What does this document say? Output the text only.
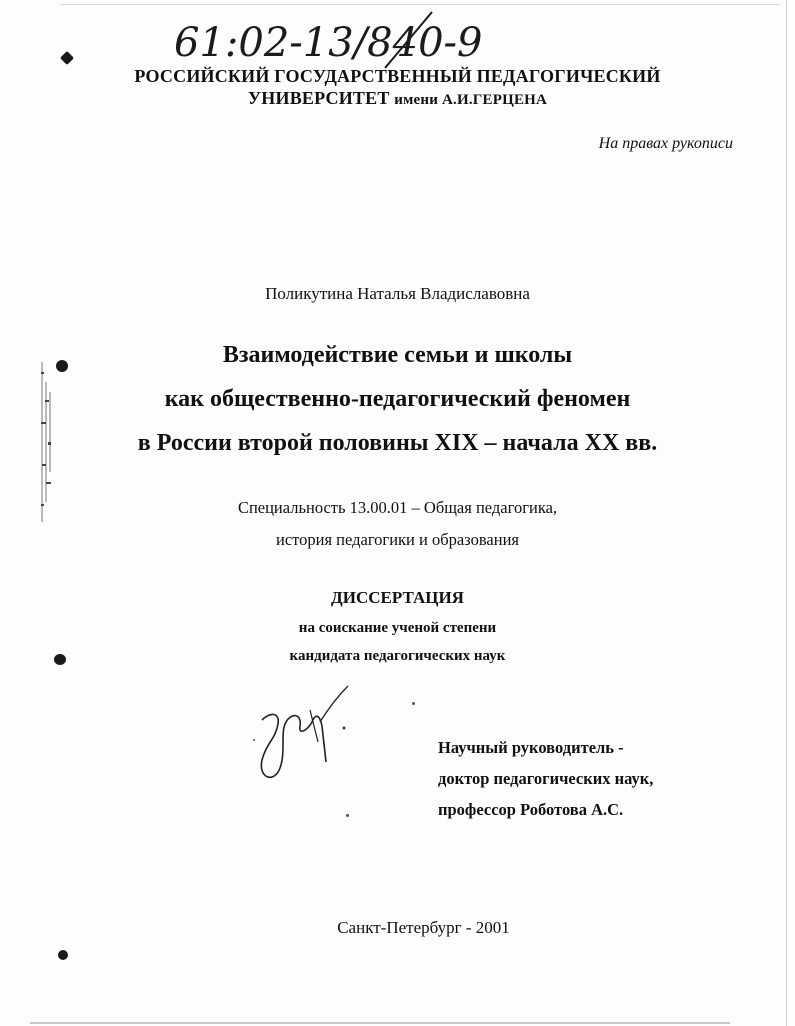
61:02-13/840-9
РОССИЙСКИЙ ГОСУДАРСТВЕННЫЙ ПЕДАГОГИЧЕСКИЙ
УНИВЕРСИТЕТ имени А.И.ГЕРЦЕНА
На правах рукописи
Поликутина Наталья Владиславовна
Взаимодействие семьи и школы
как общественно-педагогический феномен
в России второй половины XIX – начала XX вв.
Специальность 13.00.01 – Общая педагогика,
история педагогики и образования
ДИССЕРТАЦИЯ
на соискание ученой степени
кандидата педагогических наук
Научный руководитель -
доктор педагогических наук,
профессор Роботова А.С.
Санкт-Петербург - 2001
